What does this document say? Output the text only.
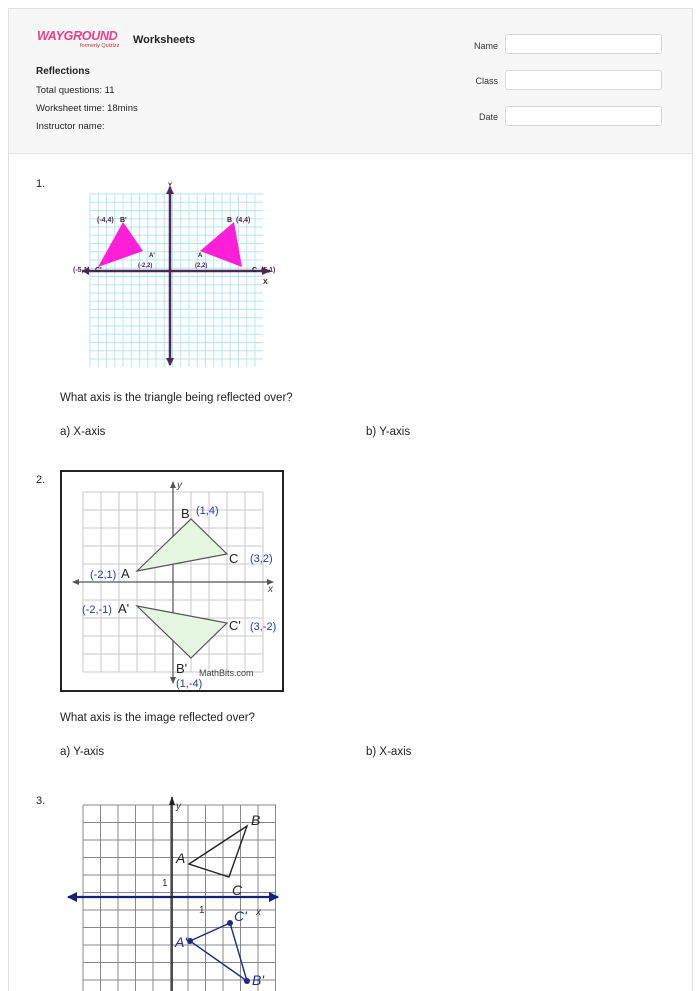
WAYGROUND
formerly Quizizz Worksheets
Reflections
Total questions: 11
Worksheet time: 18mins
Instructor name:
Name
Class
Date
1.	Y
X
(-4,4) B'	B (4,4)
A'
(-2,2)
A
(2,2)
(-5,1) C'	C (5,1)
What axis is the triangle being reflected over?
a) X-axis	b) Y-axis
2.	y
x
B (1,4)
C (3,2)
(-2,1) A
(-2,-1) A'
C' (3,-2)
B'
(1,-4)
MathBits.com
What axis is the image reflected over?
a) Y-axis	b) X-axis
3.	y
x
1
1
A
B
C
A'
B'
C'
